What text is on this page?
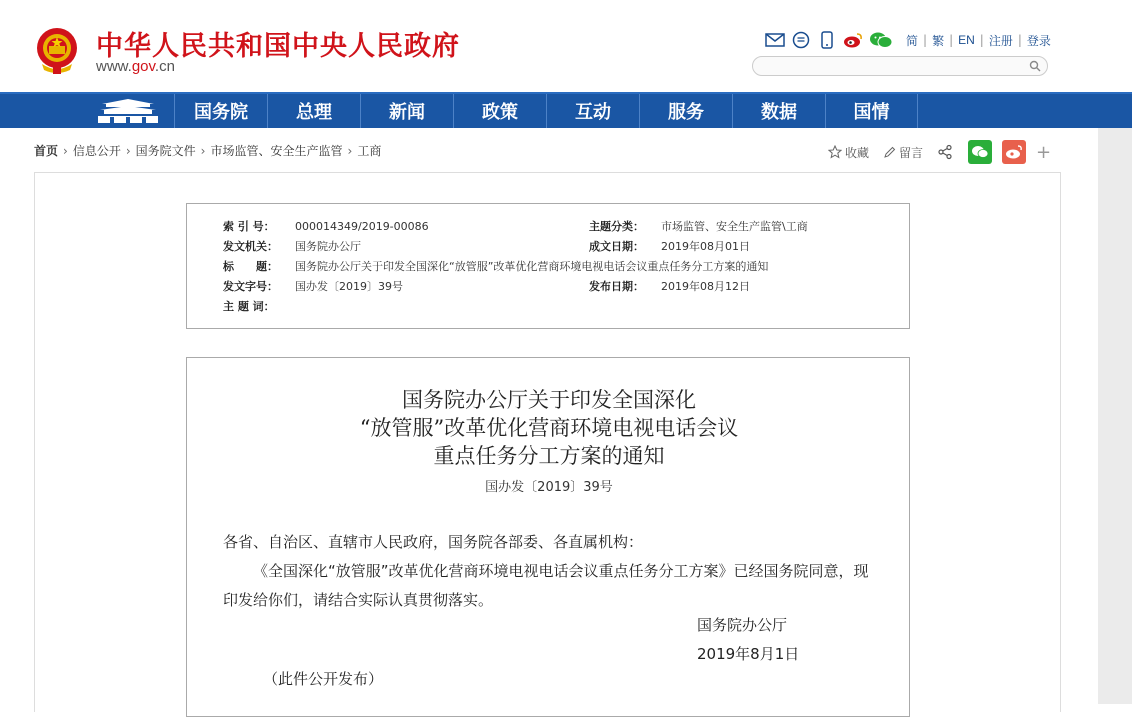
中华人民共和国中央人民政府
www.gov.cn
简 | 繁 | EN | 注册 | 登录
国务院	总理	新闻	政策	互动	服务	数据	国情
首页 › 信息公开 › 国务院文件 › 市场监管、安全生产监管 › 工商	收藏	留言	+
索 引 号：	000014349/2019-00086	主题分类：	市场监管、安全生产监管\工商
发文机关：	国务院办公厅	成文日期：	2019年08月01日
标　　题：	国务院办公厅关于印发全国深化“放管服”改革优化营商环境电视电话会议重点任务分工方案的通知
发文字号：	国办发〔2019〕39号	发布日期：	2019年08月12日
主 题 词：
国务院办公厅关于印发全国深化
“放管服”改革优化营商环境电视电话会议
重点任务分工方案的通知
国办发〔2019〕39号
各省、自治区、直辖市人民政府，国务院各部委、各直属机构：
《全国深化“放管服”改革优化营商环境电视电话会议重点任务分工方案》已经国务院同意，现印发给你们，请结合实际认真贯彻落实。
国务院办公厅
2019年8月1日
（此件公开发布）
